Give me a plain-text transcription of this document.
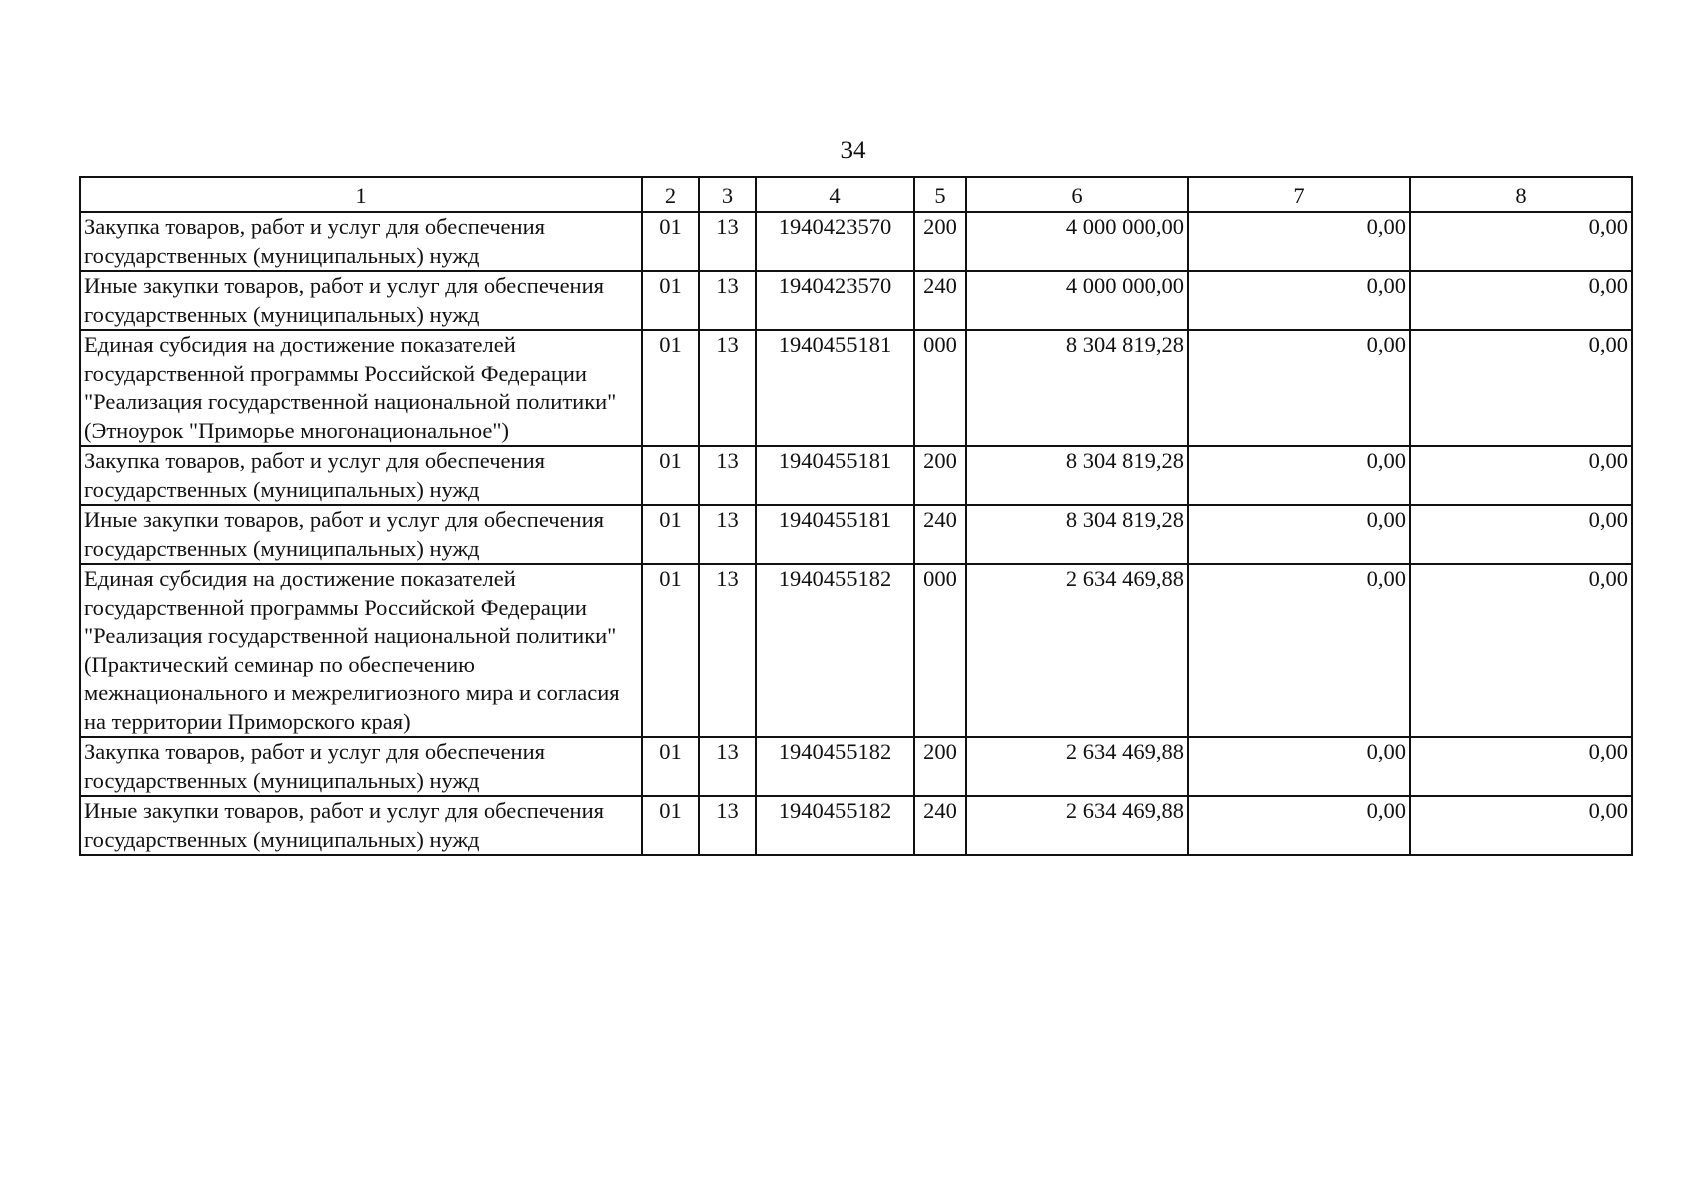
34
1	2	3	4	5	6	7	8
Закупка товаров, работ и услуг для обеспечения государственных (муниципальных) нужд	01	13	1940423570	200	4 000 000,00	0,00	0,00
Иные закупки товаров, работ и услуг для обеспечения государственных (муниципальных) нужд	01	13	1940423570	240	4 000 000,00	0,00	0,00
Единая субсидия на достижение показателей государственной программы Российской Федерации "Реализация государственной национальной политики" (Этноурок "Приморье многонациональное")	01	13	1940455181	000	8 304 819,28	0,00	0,00
Закупка товаров, работ и услуг для обеспечения государственных (муниципальных) нужд	01	13	1940455181	200	8 304 819,28	0,00	0,00
Иные закупки товаров, работ и услуг для обеспечения государственных (муниципальных) нужд	01	13	1940455181	240	8 304 819,28	0,00	0,00
Единая субсидия на достижение показателей государственной программы Российской Федерации "Реализация государственной национальной политики" (Практический семинар по обеспечению межнационального и межрелигиозного мира и согласия на территории Приморского края)	01	13	1940455182	000	2 634 469,88	0,00	0,00
Закупка товаров, работ и услуг для обеспечения государственных (муниципальных) нужд	01	13	1940455182	200	2 634 469,88	0,00	0,00
Иные закупки товаров, работ и услуг для обеспечения государственных (муниципальных) нужд	01	13	1940455182	240	2 634 469,88	0,00	0,00
